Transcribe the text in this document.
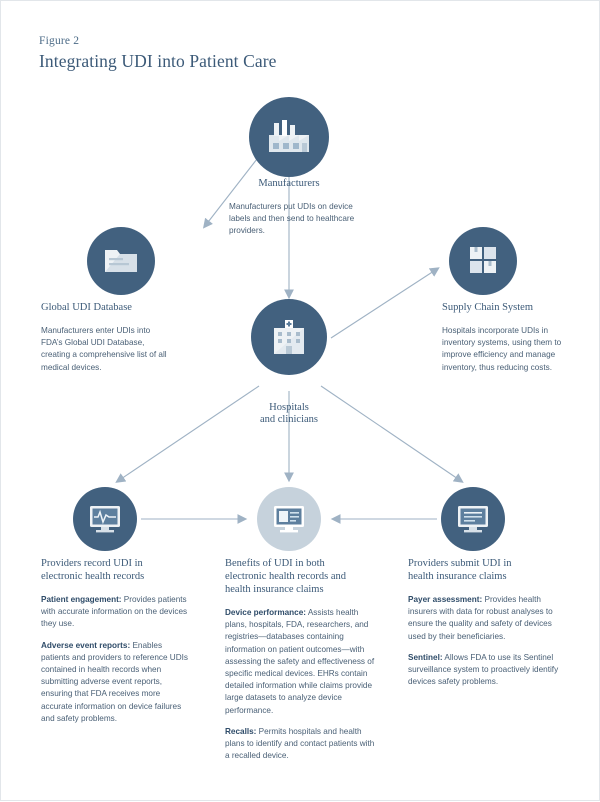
Figure 2
Integrating UDI into Patient Care
Manufacturers
Manufacturers put UDIs on device labels and then send to healthcare providers.
Global UDI Database
Manufacturers enter UDIs into FDA’s Global UDI Database, creating a comprehensive list of all medical devices.
Supply Chain System
Hospitals incorporate UDIs in inventory systems, using them to improve efficiency and manage inventory, thus reducing costs.
Hospitals
and clinicians
Providers record UDI in
electronic health records

Patient engagement: Provides patients with accurate information on the devices they use.

Adverse event reports: Enables patients and providers to reference UDIs contained in health records when submitting adverse event reports, ensuring that FDA receives more accurate information on device failures and safety problems.

Benefits of UDI in both
electronic health records and
health insurance claims

Device performance: Assists health plans, hospitals, FDA, researchers, and registries—databases containing information on patient outcomes—with assessing the safety and effectiveness of specific medical devices. EHRs contain detailed information while claims provide large datasets to analyze device performance.

Recalls: Permits hospitals and health plans to identify and contact patients with a recalled device.

Providers submit UDI in
health insurance claims

Payer assessment: Provides health insurers with data for robust analyses to ensure the quality and safety of devices used by their beneficiaries.

Sentinel: Allows FDA to use its Sentinel surveillance system to proactively identify devices safety problems.
